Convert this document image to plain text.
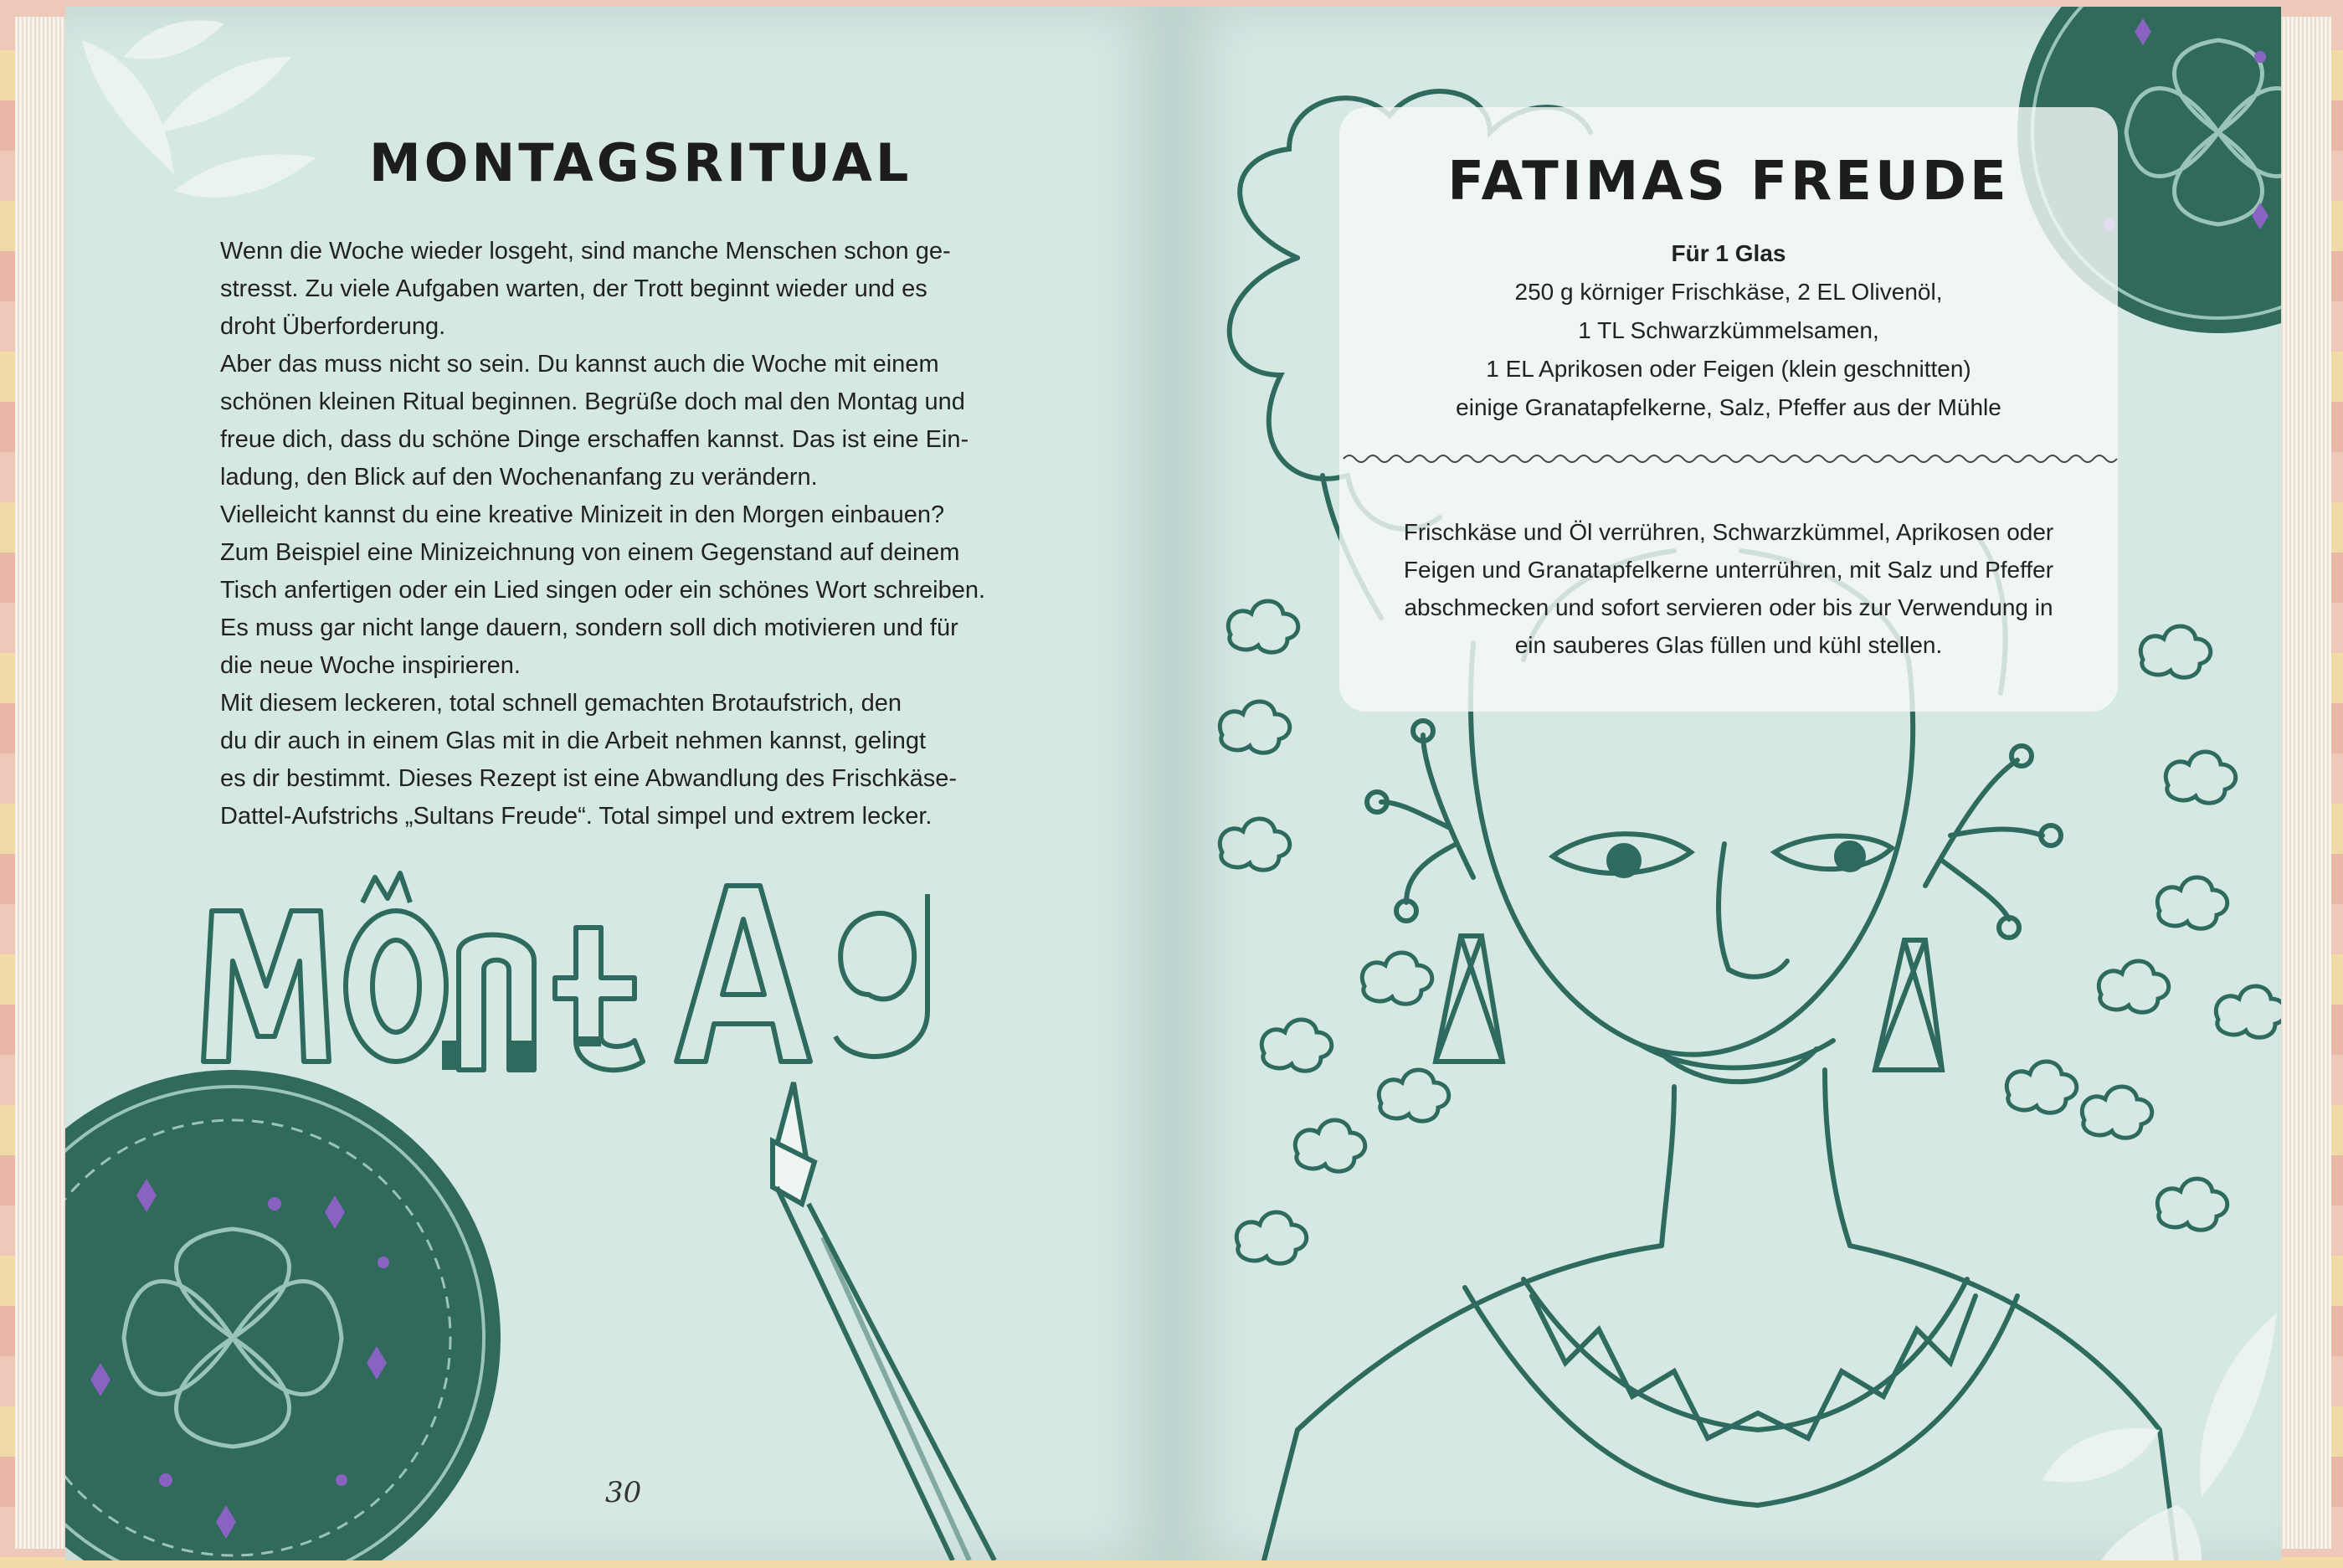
MONTAGSRITUAL

Wenn die Woche wieder losgeht, sind manche Menschen schon ge-

stresst. Zu viele Aufgaben warten, der Trott beginnt wieder und es

droht Überforderung.

Aber das muss nicht so sein. Du kannst auch die Woche mit einem

schönen kleinen Ritual beginnen. Begrüße doch mal den Montag und

freue dich, dass du schöne Dinge erschaffen kannst. Das ist eine Ein-

ladung, den Blick auf den Wochenanfang zu verändern.

Vielleicht kannst du eine kreative Minizeit in den Morgen einbauen?

Zum Beispiel eine Minizeichnung von einem Gegenstand auf deinem

Tisch anfertigen oder ein Lied singen oder ein schönes Wort schreiben.

Es muss gar nicht lange dauern, sondern soll dich motivieren und für

die neue Woche inspirieren.

Mit diesem leckeren, total schnell gemachten Brotaufstrich, den

du dir auch in einem Glas mit in die Arbeit nehmen kannst, gelingt

es dir bestimmt. Dieses Rezept ist eine Abwandlung des Frischkäse-

Dattel-Aufstrichs „Sultans Freude“. Total simpel und extrem lecker.

30
FATIMAS FREUDE
Für 1 Glas
250 g körniger Frischkäse, 2 EL Olivenöl,
1 TL Schwarzkümmelsamen,
1 EL Aprikosen oder Feigen (klein geschnitten)
einige Granatapfelkerne, Salz, Pfeffer aus der Mühle
Frischkäse und Öl verrühren, Schwarzkümmel, Aprikosen oder
Feigen und Granatapfelkerne unterrühren, mit Salz und Pfeffer
abschmecken und sofort servieren oder bis zur Verwendung in
ein sauberes Glas füllen und kühl stellen.
